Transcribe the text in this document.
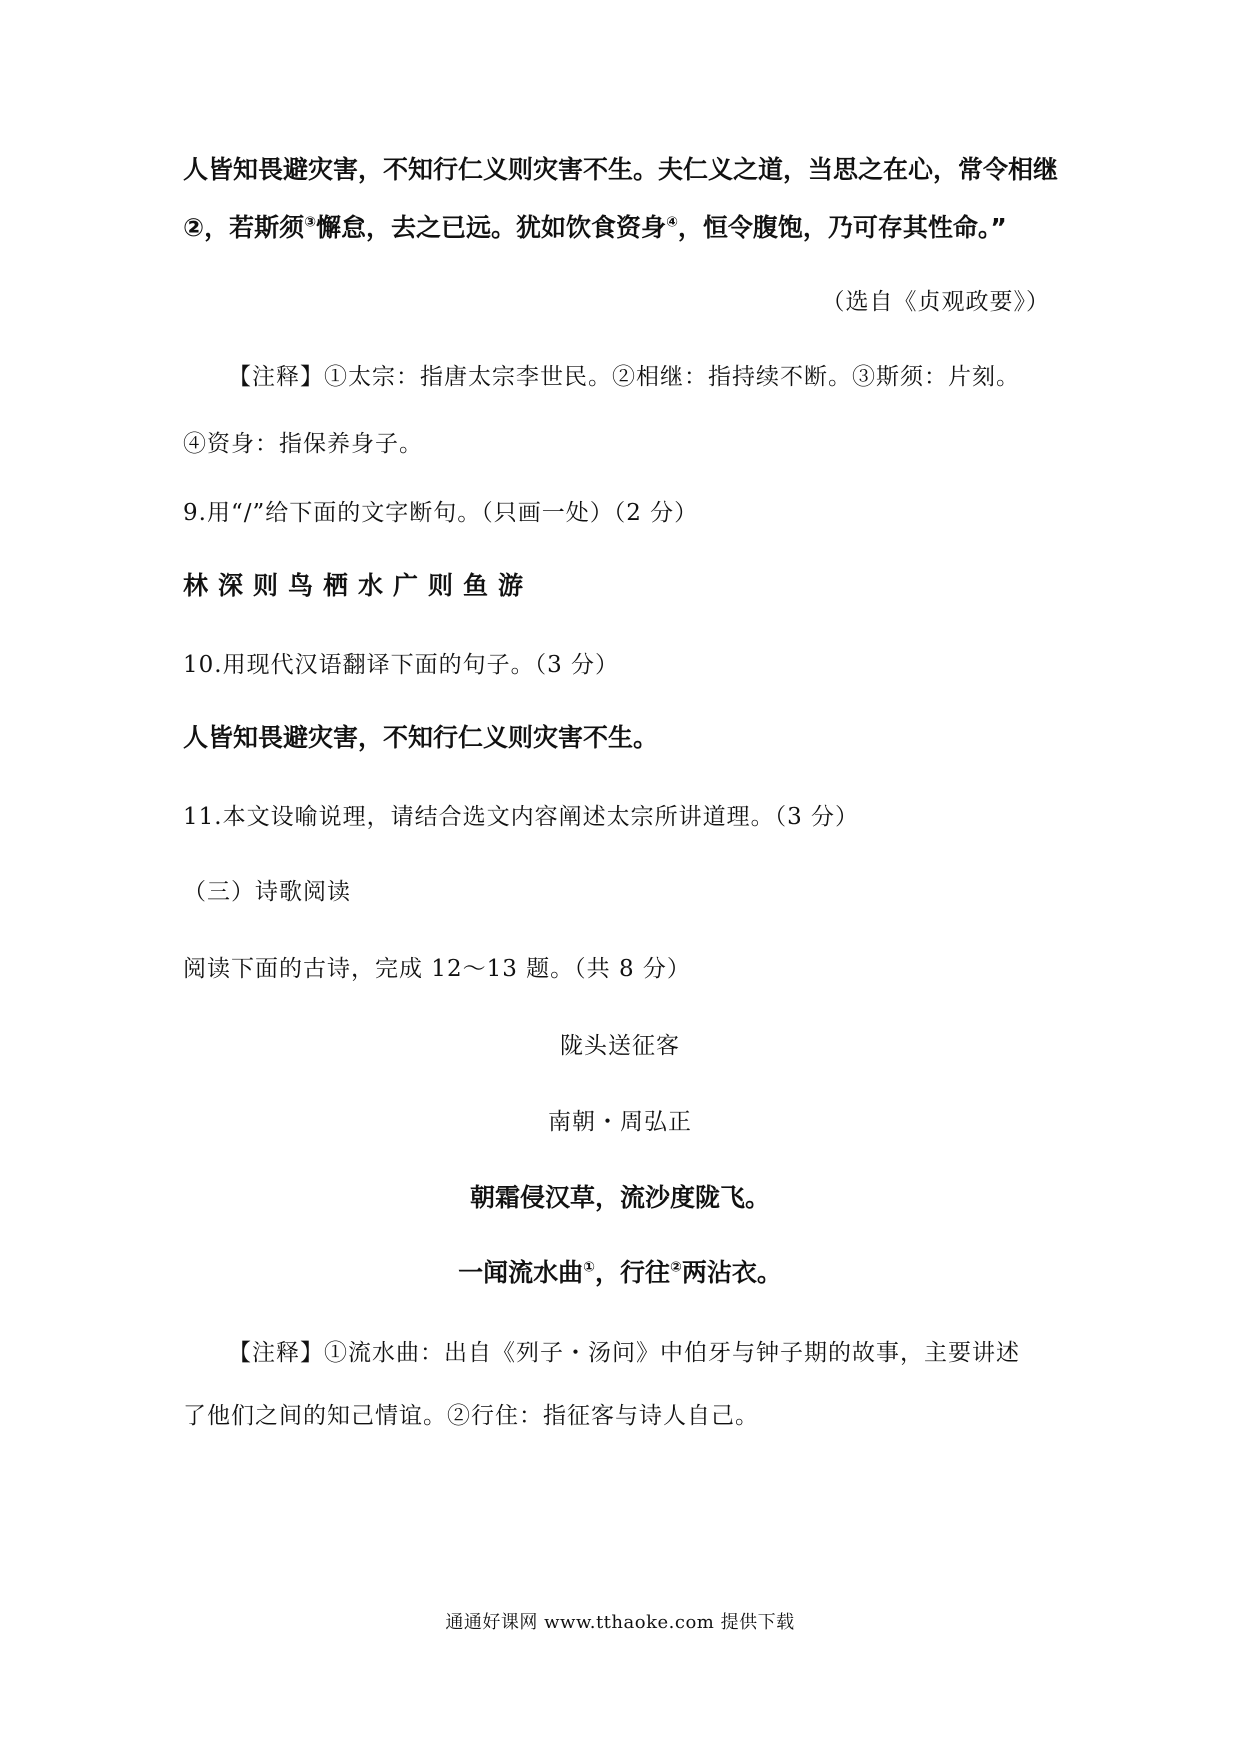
人皆知畏避灾害，不知行仁义则灾害不生。夫仁义之道，当思之在心，常令相继
②，若斯须③懈怠，去之已远。犹如饮食资身④，恒令腹饱，乃可存其性命。”
（选自《贞观政要》）
【注释】①太宗：指唐太宗李世民。②相继：指持续不断。③斯须：片刻。
④资身：指保养身子。
9.用“/”给下面的文字断句。（只画一处）（2 分）
林深则鸟栖水广则鱼游
10.用现代汉语翻译下面的句子。（3 分）
人皆知畏避灾害，不知行仁义则灾害不生。
11.本文设喻说理，请结合选文内容阐述太宗所讲道理。（3 分）
（三）诗歌阅读
阅读下面的古诗，完成 12～13 题。（共 8 分）
陇头送征客
南朝・周弘正
朝霜侵汉草，流沙度陇飞。
一闻流水曲①，行往②两沾衣。
【注释】①流水曲：出自《列子・汤问》中伯牙与钟子期的故事，主要讲述
了他们之间的知己情谊。②行住：指征客与诗人自己。
通通好课网 www.tthaoke.com 提供下载
